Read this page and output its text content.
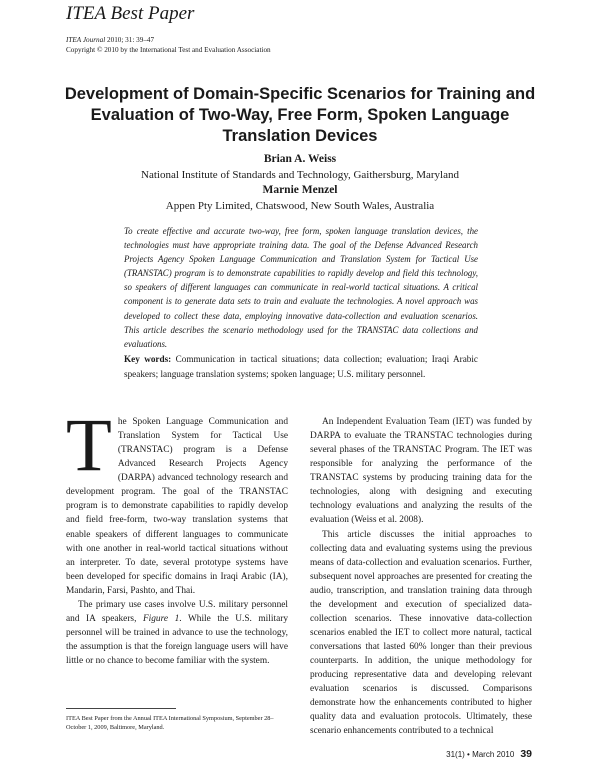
ITEA Best Paper
ITEA Journal 2010; 31: 39–47
Copyright © 2010 by the International Test and Evaluation Association
Development of Domain-Specific Scenarios for Training and Evaluation of Two-Way, Free Form, Spoken Language Translation Devices
Brian A. Weiss
National Institute of Standards and Technology, Gaithersburg, Maryland
Marnie Menzel
Appen Pty Limited, Chatswood, New South Wales, Australia
To create effective and accurate two-way, free form, spoken language translation devices, the technologies must have appropriate training data. The goal of the Defense Advanced Research Projects Agency Spoken Language Communication and Translation System for Tactical Use (TRANSTAC) program is to demonstrate capabilities to rapidly develop and field this technology, so speakers of different languages can communicate in real-world tactical situations. A critical component is to generate data sets to train and evaluate the technologies. A novel approach was developed to collect these data, employing innovative data-collection and evaluation scenarios. This article describes the scenario methodology used for the TRANSTAC data collections and evaluations.
Key words: Communication in tactical situations; data collection; evaluation; Iraqi Arabic speakers; language translation systems; spoken language; U.S. military personnel.

The Spoken Language Communication and Translation System for Tactical Use (TRANSTAC) program is a Defense Advanced Research Projects Agency (DARPA) advanced technology research and development program. The goal of the TRANSTAC program is to demonstrate capabilities to rapidly develop and field free-form, two-way translation systems that enable speakers of different languages to communicate with one another in real-world tactical situations without an interpreter. To date, several prototype systems have been developed for specific domains in Iraqi Arabic (IA), Mandarin, Farsi, Pashto, and Thai.

The primary use cases involve U.S. military personnel and IA speakers, Figure 1. While the U.S. military personnel will be trained in advance to use the technology, the assumption is that the foreign language users will have little or no chance to become familiar with the system.

An Independent Evaluation Team (IET) was funded by DARPA to evaluate the TRANSTAC technologies during several phases of the TRANSTAC Program. The IET was responsible for analyzing the performance of the TRANSTAC systems by producing training data for the technologies, along with designing and executing technology evaluations and analyzing the results of the evaluation (Weiss et al. 2008).

This article discusses the initial approaches to collecting data and evaluating systems using the previous means of data-collection and evaluation scenarios. Further, subsequent novel approaches are presented for creating the audio, transcription, and translation training data through the development and execution of specialized data-collection scenarios. These innovative data-collection scenarios enabled the IET to collect more natural, tactical conversations that lasted 60% longer than their previous counterparts. In addition, the unique methodology for producing representative data and developing relevant evaluation scenarios is discussed. Comparisons demonstrate how the enhancements contributed to higher quality data and evaluation protocols. Ultimately, these scenario enhancements contributed to a technical

ITEA Best Paper from the Annual ITEA International Symposium, September 28–October 1, 2009, Baltimore, Maryland.
31(1) • March 2010 39
